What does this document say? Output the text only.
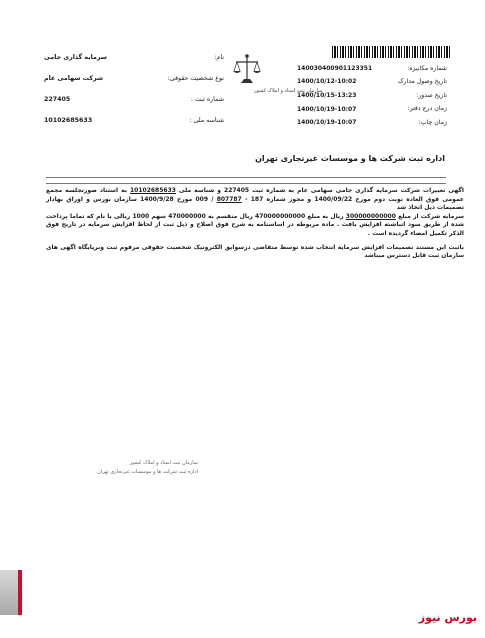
شماره مکانیزه:
140030400901123351
تاریخ وصول مدارک
1400/10/12-10:02
تاریخ صدور:
1400/10/15-13:23
زمان درج دفتر:
1400/10/19-10:07
زمان چاپ:
1400/10/19-10:07
سازمان ثبت اسناد و املاک کشور
نام:
سرمایه گذاری جامی
نوع شخصیت حقوقی:
شرکت سهامی عام
شماره ثبت :
227405
شناسه ملی :
10102685633
اداره ثبت شرکت ها و موسسات غیرتجاری تهران

اگهی تغییرات شرکت سرمایه گذاری جامی سهامی عام به شماره ثبت 227405 و شناسه ملی 10102685633 به استناد صورتجلسه مجمع عمومی فوق العاده نوبت دوم مورخ 1400/09/22 و مجوز شماره 187 - 807787 / 009 مورخ 1400/9/28 سازمان بورس و اوراق بهادار تصمیمات ذیل اتخاذ شد

سرمایه شرکت از مبلغ 300000000000 ریال به مبلغ 470000000000 ریال منقسم به 470000000 سهم 1000 ریالی با نام که تماما پرداخت شده از طریق سود انباشته افزایش یافت . ماده مربوطه در اساسنامه به شرح فوق اصلاح و ذیل ثبت از لحاظ افزایش سرمایه در تاریخ فوق الذکر تکمیل امضاء گردیده است .

باثبت این مستند تصمیمات افزایش سرمایه انتخاب شده توسط متقاضی درسوابق الکترونیک شخصیت حقوقی مرقوم ثبت وبرپایگاه اگهی های سازمان ثبت قابل دسترس میباشد

سازمان ثبت اسناد و املاک کشور
اداره ثبت شرکت ها و موسسات غیرتجاری تهران
بورس نیوز
